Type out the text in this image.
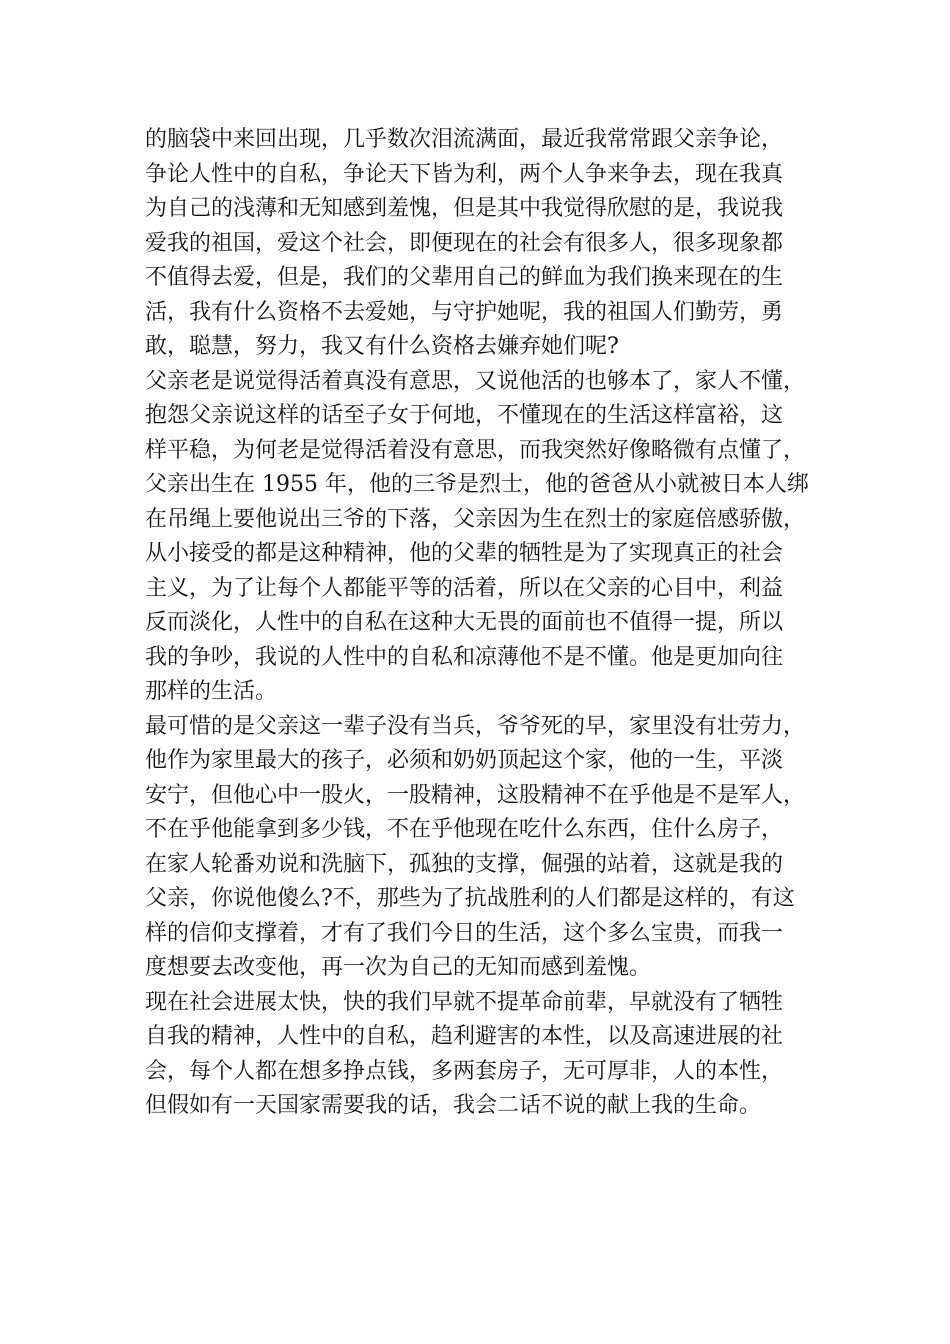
的脑袋中来回出现，几乎数次泪流满面，最近我常常跟父亲争论，
争论人性中的自私，争论天下皆为利，两个人争来争去，现在我真
为自己的浅薄和无知感到羞愧，但是其中我觉得欣慰的是，我说我
爱我的祖国，爱这个社会，即便现在的社会有很多人，很多现象都
不值得去爱，但是，我们的父辈用自己的鲜血为我们换来现在的生
活，我有什么资格不去爱她，与守护她呢，我的祖国人们勤劳，勇
敢，聪慧，努力，我又有什么资格去嫌弃她们呢?
父亲老是说觉得活着真没有意思，又说他活的也够本了，家人不懂，
抱怨父亲说这样的话至子女于何地，不懂现在的生活这样富裕，这
样平稳，为何老是觉得活着没有意思，而我突然好像略微有点懂了，
父亲出生在 1955 年，他的三爷是烈士，他的爸爸从小就被日本人绑
在吊绳上要他说出三爷的下落，父亲因为生在烈士的家庭倍感骄傲，
从小接受的都是这种精神，他的父辈的牺牲是为了实现真正的社会
主义，为了让每个人都能平等的活着，所以在父亲的心目中，利益
反而淡化，人性中的自私在这种大无畏的面前也不值得一提，所以
我的争吵，我说的人性中的自私和凉薄他不是不懂。他是更加向往
那样的生活。
最可惜的是父亲这一辈子没有当兵，爷爷死的早，家里没有壮劳力，
他作为家里最大的孩子，必须和奶奶顶起这个家，他的一生，平淡
安宁，但他心中一股火，一股精神，这股精神不在乎他是不是军人，
不在乎他能拿到多少钱，不在乎他现在吃什么东西，住什么房子，
在家人轮番劝说和洗脑下，孤独的支撑，倔强的站着，这就是我的
父亲，你说他傻么?不，那些为了抗战胜利的人们都是这样的，有这
样的信仰支撑着，才有了我们今日的生活，这个多么宝贵，而我一
度想要去改变他，再一次为自己的无知而感到羞愧。
现在社会进展太快，快的我们早就不提革命前辈，早就没有了牺牲
自我的精神，人性中的自私，趋利避害的本性，以及高速进展的社
会，每个人都在想多挣点钱，多两套房子，无可厚非，人的本性，
但假如有一天国家需要我的话，我会二话不说的献上我的生命。
